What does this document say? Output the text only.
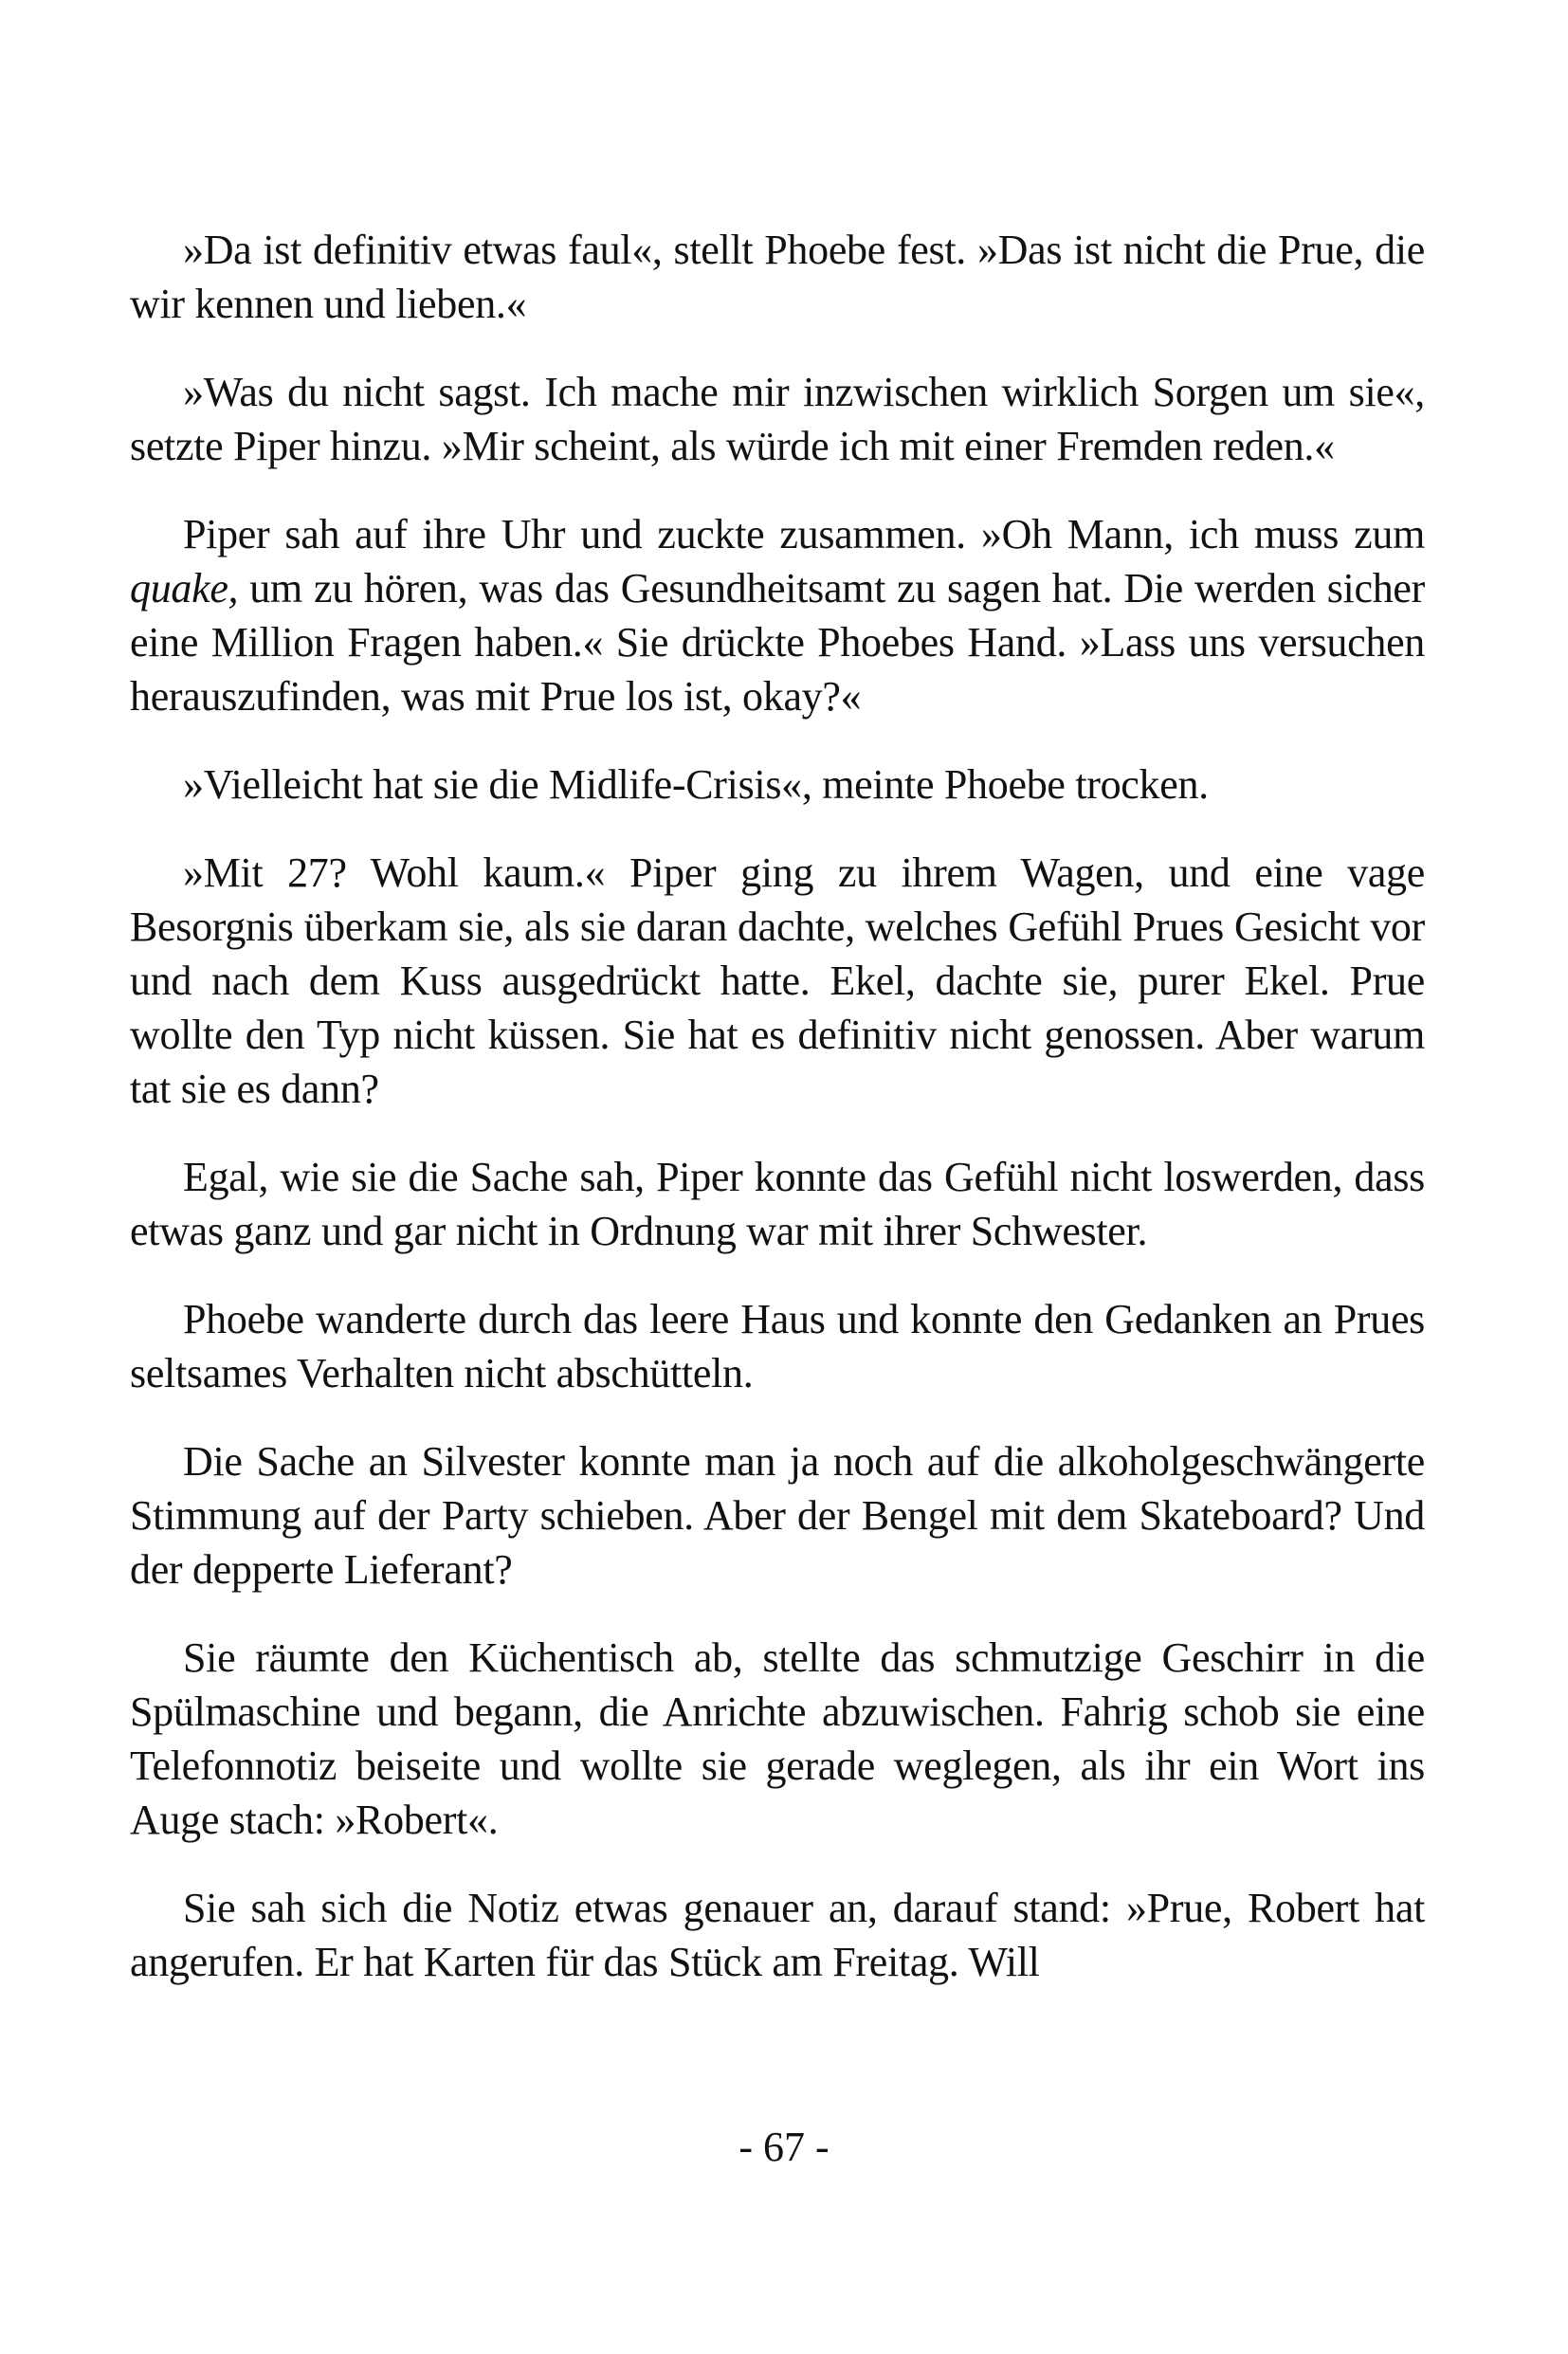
»Da ist definitiv etwas faul«, stellt Phoebe fest. »Das ist nicht die Prue, die wir kennen und lieben.«

»Was du nicht sagst. Ich mache mir inzwischen wirklich Sorgen um sie«, setzte Piper hinzu. »Mir scheint, als würde ich mit einer Fremden reden.«

Piper sah auf ihre Uhr und zuckte zusammen. »Oh Mann, ich muss zum quake, um zu hören, was das Gesundheitsamt zu sagen hat. Die werden sicher eine Million Fragen haben.« Sie drückte Phoebes Hand. »Lass uns versuchen herauszufinden, was mit Prue los ist, okay?«

»Vielleicht hat sie die Midlife-Crisis«, meinte Phoebe trocken.

»Mit 27? Wohl kaum.« Piper ging zu ihrem Wagen, und eine vage Besorgnis überkam sie, als sie daran dachte, welches Gefühl Prues Gesicht vor und nach dem Kuss ausgedrückt hatte. Ekel, dachte sie, purer Ekel. Prue wollte den Typ nicht küssen. Sie hat es definitiv nicht genossen. Aber warum tat sie es dann?

Egal, wie sie die Sache sah, Piper konnte das Gefühl nicht loswerden, dass etwas ganz und gar nicht in Ordnung war mit ihrer Schwester.

Phoebe wanderte durch das leere Haus und konnte den Gedanken an Prues seltsames Verhalten nicht abschütteln.

Die Sache an Silvester konnte man ja noch auf die alkoholgeschwängerte Stimmung auf der Party schieben. Aber der Bengel mit dem Skateboard? Und der depperte Lieferant?

Sie räumte den Küchentisch ab, stellte das schmutzige Geschirr in die Spülmaschine und begann, die Anrichte abzuwischen. Fahrig schob sie eine Telefonnotiz beiseite und wollte sie gerade weglegen, als ihr ein Wort ins Auge stach: »Robert«.

Sie sah sich die Notiz etwas genauer an, darauf stand: »Prue, Robert hat angerufen. Er hat Karten für das Stück am Freitag. Will

- 67 -
